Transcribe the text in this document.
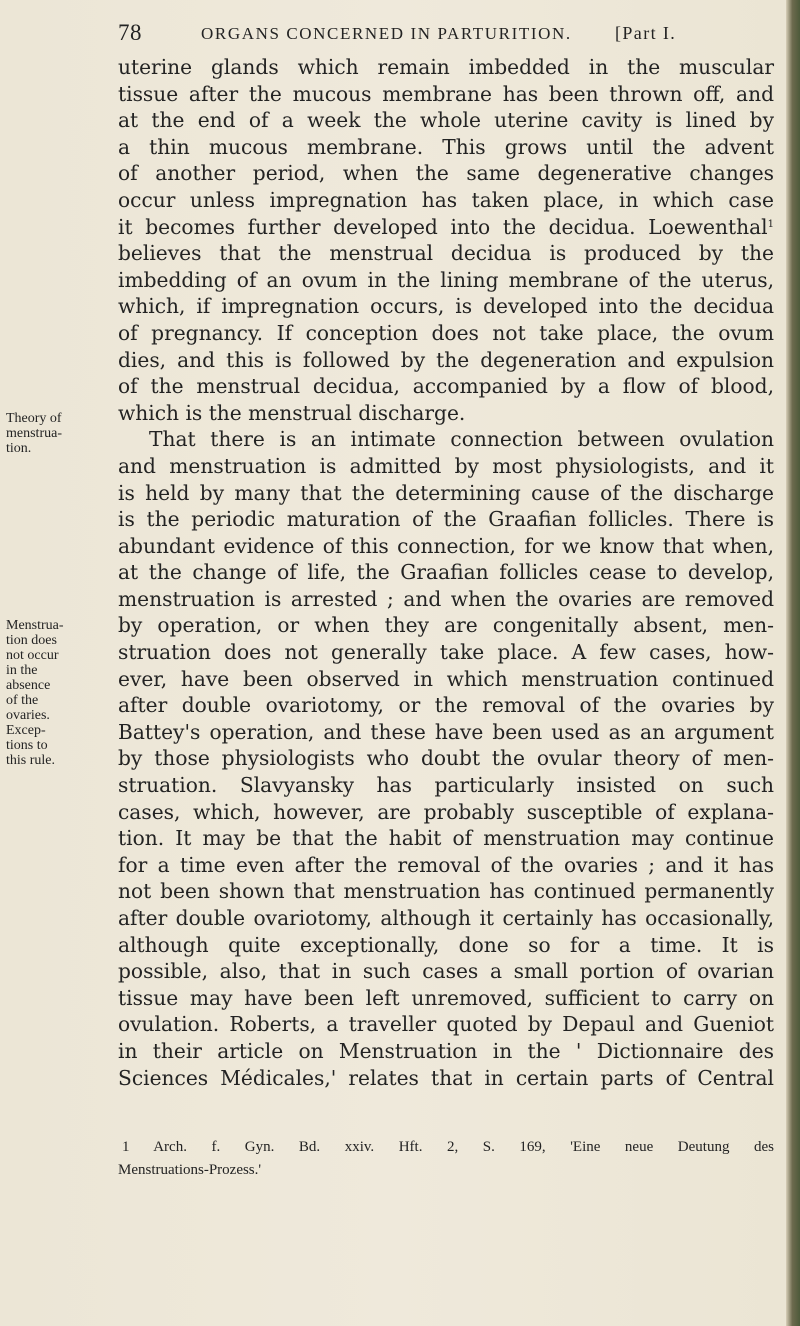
78	ORGANS CONCERNED IN PARTURITION. [Part I.
Theory of
menstrua-
tion.
Menstrua-
tion does
not occur
in the
absence
of the
ovaries.
Excep-
tions to
this rule.
uterine glands which remain imbedded in the muscular
tissue after the mucous membrane has been thrown off, and
at the end of a week the whole uterine cavity is lined by
a thin mucous membrane. This grows until the advent
of another period, when the same degenerative changes
occur unless impregnation has taken place, in which case
it becomes further developed into the decidua. Loewenthal$^1$
believes that the menstrual decidua is produced by the
imbedding of an ovum in the lining membrane of the uterus,
which, if impregnation occurs, is developed into the decidua
of pregnancy. If conception does not take place, the ovum
dies, and this is followed by the degeneration and expulsion
of the menstrual decidua, accompanied by a flow of blood,
which is the menstrual discharge.
That there is an intimate connection between ovulation
and menstruation is admitted by most physiologists, and it
is held by many that the determining cause of the discharge
is the periodic maturation of the Graafian follicles. There is
abundant evidence of this connection, for we know that when,
at the change of life, the Graafian follicles cease to develop,
menstruation is arrested ; and when the ovaries are removed
by operation, or when they are congenitally absent, men-
struation does not generally take place. A few cases, how-
ever, have been observed in which menstruation continued
after double ovariotomy, or the removal of the ovaries by
Battey's operation, and these have been used as an argument
by those physiologists who doubt the ovular theory of men-
struation. Slavyansky has particularly insisted on such
cases, which, however, are probably susceptible of explana-
tion. It may be that the habit of menstruation may continue
for a time even after the removal of the ovaries ; and it has
not been shown that menstruation has continued permanently
after double ovariotomy, although it certainly has occasionally,
although quite exceptionally, done so for a time. It is
possible, also, that in such cases a small portion of ovarian
tissue may have been left unremoved, sufficient to carry on
ovulation. Roberts, a traveller quoted by Depaul and Gueniot
in their article on Menstruation in the ' Dictionnaire des
Sciences Médicales,' relates that in certain parts of Central
1 Arch. f. Gyn. Bd. xxiv. Hft. 2, S. 169, 'Eine neue Deutung des
Menstruations-Prozess.'
